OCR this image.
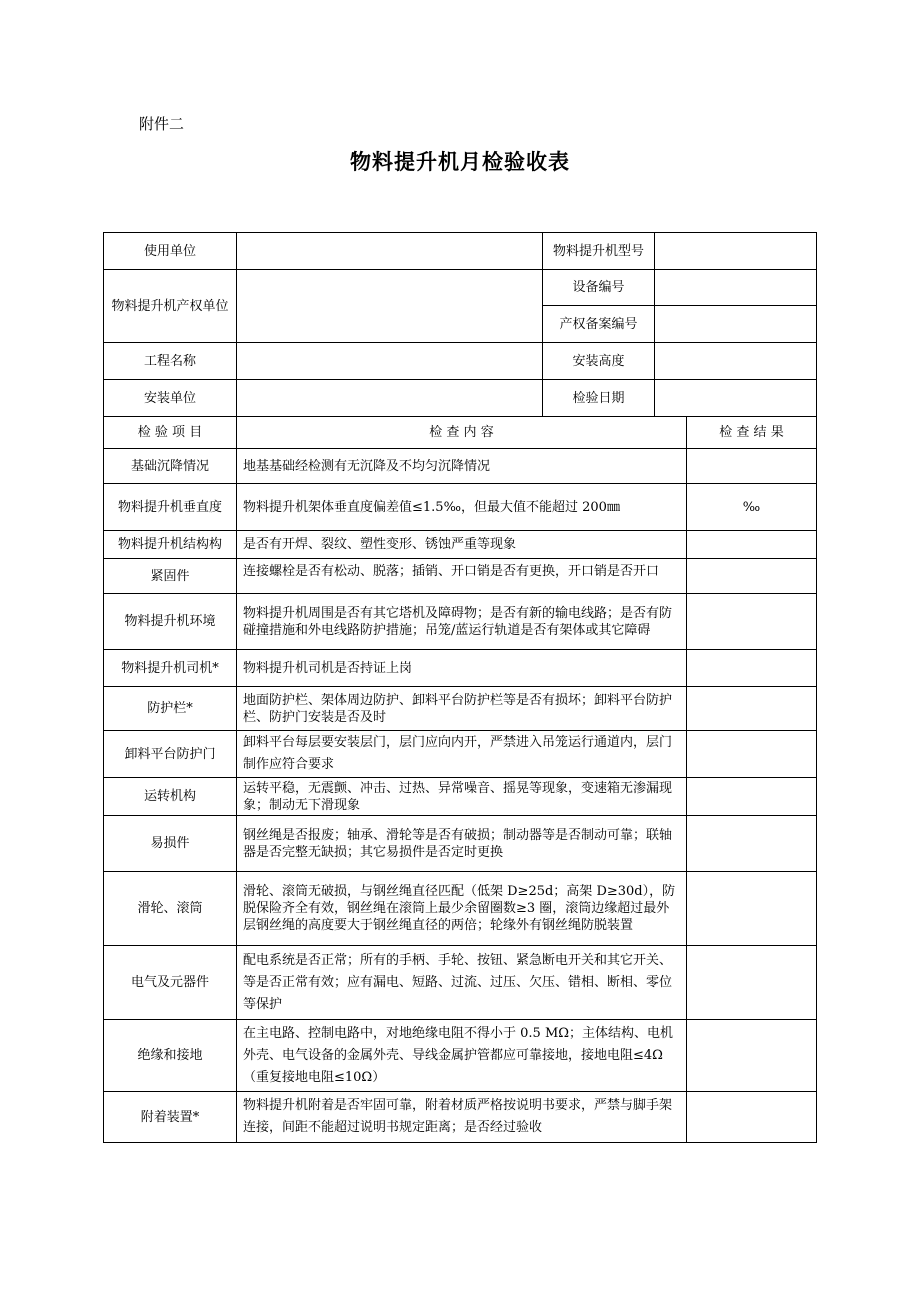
附件二
物料提升机月检验收表
使用单位		物料提升机型号		
物料提升机产权单位		设备编号		
		产权备案编号		
工程名称		安装高度		
安装单位		检验日期		
检 验 项 目	检 查 内 容			检 查 结 果
基础沉降情况	地基基础经检测有无沉降及不均匀沉降情况			
物料提升机垂直度	物料提升机架体垂直度偏差值≤1.5‰，但最大值不能超过 200㎜			‰
物料提升机结构构	是否有开焊、裂纹、塑性变形、锈蚀严重等现象			
紧固件	连接螺栓是否有松动、脱落；插销、开口销是否有更换，开口销是否开口			
物料提升机环境	物料提升机周围是否有其它塔机及障碍物；是否有新的输电线路；是否有防碰撞措施和外电线路防护措施；吊笼/蓝运行轨道是否有架体或其它障碍			
物料提升机司机*	物料提升机司机是否持证上岗			
防护栏*	地面防护栏、架体周边防护、卸料平台防护栏等是否有损坏；卸料平台防护栏、防护门安装是否及时			
卸料平台防护门	卸料平台每层要安装层门，层门应向内开，严禁进入吊笼运行通道内，层门制作应符合要求			
运转机构	运转平稳，无震颤、冲击、过热、异常噪音、摇晃等现象，变速箱无渗漏现象；制动无下滑现象			
易损件	钢丝绳是否报废；轴承、滑轮等是否有破损；制动器等是否制动可靠；联轴器是否完整无缺损；其它易损件是否定时更换			
滑轮、滚筒	滑轮、滚筒无破损，与钢丝绳直径匹配（低架 D≥25d；高架 D≥30d），防脱保险齐全有效，钢丝绳在滚筒上最少余留圈数≥3 圈，滚筒边缘超过最外层钢丝绳的高度要大于钢丝绳直径的两倍；轮缘外有钢丝绳防脱装置			
电气及元器件	配电系统是否正常；所有的手柄、手轮、按钮、紧急断电开关和其它开关、等是否正常有效；应有漏电、短路、过流、过压、欠压、错相、断相、零位等保护			
绝缘和接地	在主电路、控制电路中，对地绝缘电阻不得小于 0.5 MΩ；主体结构、电机外壳、电气设备的金属外壳、导线金属护管都应可靠接地，接地电阻≤4Ω（重复接地电阻≤10Ω）			
附着装置*	物料提升机附着是否牢固可靠，附着材质严格按说明书要求，严禁与脚手架连接，间距不能超过说明书规定距离；是否经过验收			
